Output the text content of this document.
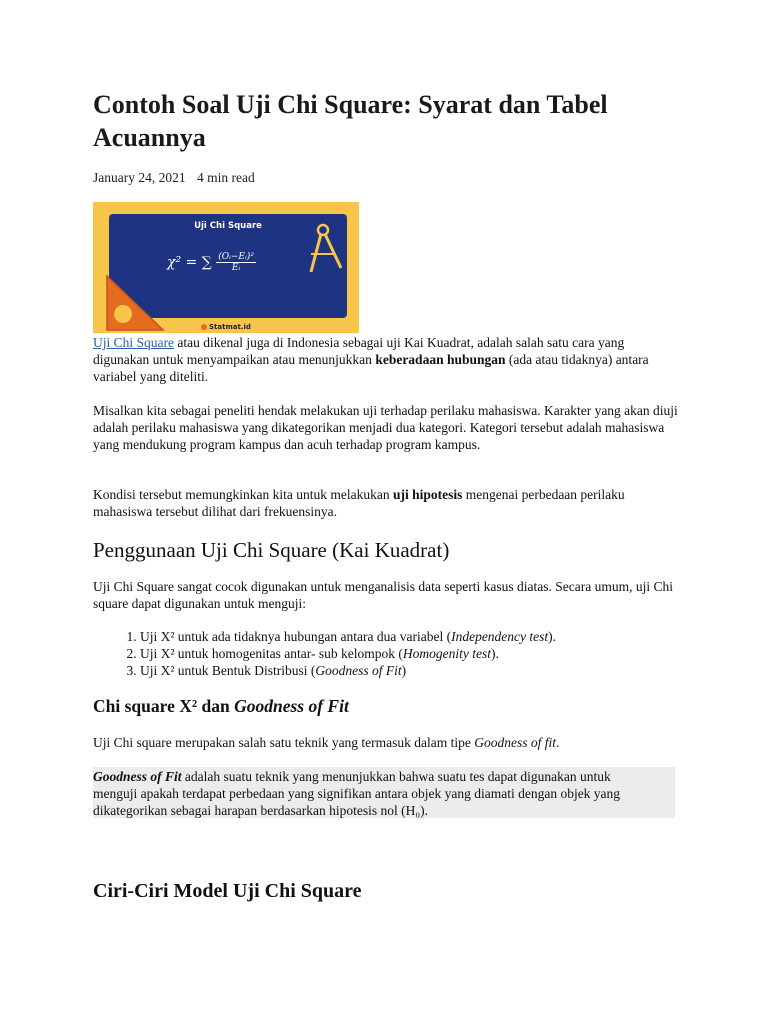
Contoh Soal Uji Chi Square: Syarat dan Tabel Acuannya
January 24, 2021 4 min read
Uji Chi Square
χ² = ∑ $\frac{\text{(Oᵢ−Eᵢ)²}}{\text{Eᵢ}}$
Statmat.id

Uji Chi Square atau dikenal juga di Indonesia sebagai uji Kai Kuadrat, adalah salah satu cara yang digunakan untuk menyampaikan atau menunjukkan keberadaan hubungan (ada atau tidaknya) antara variabel yang diteliti.

Misalkan kita sebagai peneliti hendak melakukan uji terhadap perilaku mahasiswa. Karakter yang akan diuji adalah perilaku mahasiswa yang dikategorikan menjadi dua kategori. Kategori tersebut adalah mahasiswa yang mendukung program kampus dan acuh terhadap program kampus.

Kondisi tersebut memungkinkan kita untuk melakukan uji hipotesis mengenai perbedaan perilaku mahasiswa tersebut dilihat dari frekuensinya.

Penggunaan Uji Chi Square (Kai Kuadrat)

Uji Chi Square sangat cocok digunakan untuk menganalisis data seperti kasus diatas. Secara umum, uji Chi square dapat digunakan untuk menguji:

1. Uji X² untuk ada tidaknya hubungan antara dua variabel (Independency test).
2. Uji X² untuk homogenitas antar- sub kelompok (Homogenity test).
3. Uji X² untuk Bentuk Distribusi (Goodness of Fit)
Chi square X² dan Goodness of Fit

Uji Chi square merupakan salah satu teknik yang termasuk dalam tipe Goodness of fit.

Goodness of Fit adalah suatu teknik yang menunjukkan bahwa suatu tes dapat digunakan untuk menguji apakah terdapat perbedaan yang signifikan antara objek yang diamati dengan objek yang dikategorikan sebagai harapan berdasarkan hipotesis nol (H₀).

Ciri-Ciri Model Uji Chi Square
